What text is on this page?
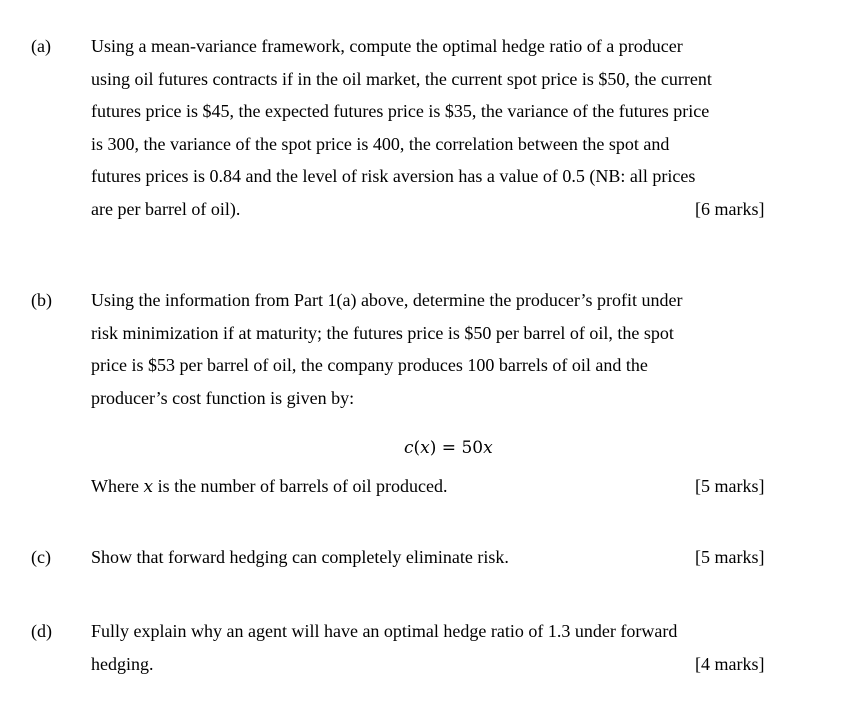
(a) Using a mean-variance framework, compute the optimal hedge ratio of a producer
using oil futures contracts if in the oil market, the current spot price is $50, the current
futures price is $45, the expected futures price is $35, the variance of the futures price
is 300, the variance of the spot price is 400, the correlation between the spot and
futures prices is 0.84 and the level of risk aversion has a value of 0.5 (NB: all prices
are per barrel of oil).	[6 marks]
(b) Using the information from Part 1(a) above, determine the producer’s profit under
risk minimization if at maturity; the futures price is $50 per barrel of oil, the spot
price is $53 per barrel of oil, the company produces 100 barrels of oil and the
producer’s cost function is given by:
c(x) = 50x
Where x is the number of barrels of oil produced.	[5 marks]
(c) Show that forward hedging can completely eliminate risk.	[5 marks]
(d) Fully explain why an agent will have an optimal hedge ratio of 1.3 under forward
hedging.	[4 marks]
